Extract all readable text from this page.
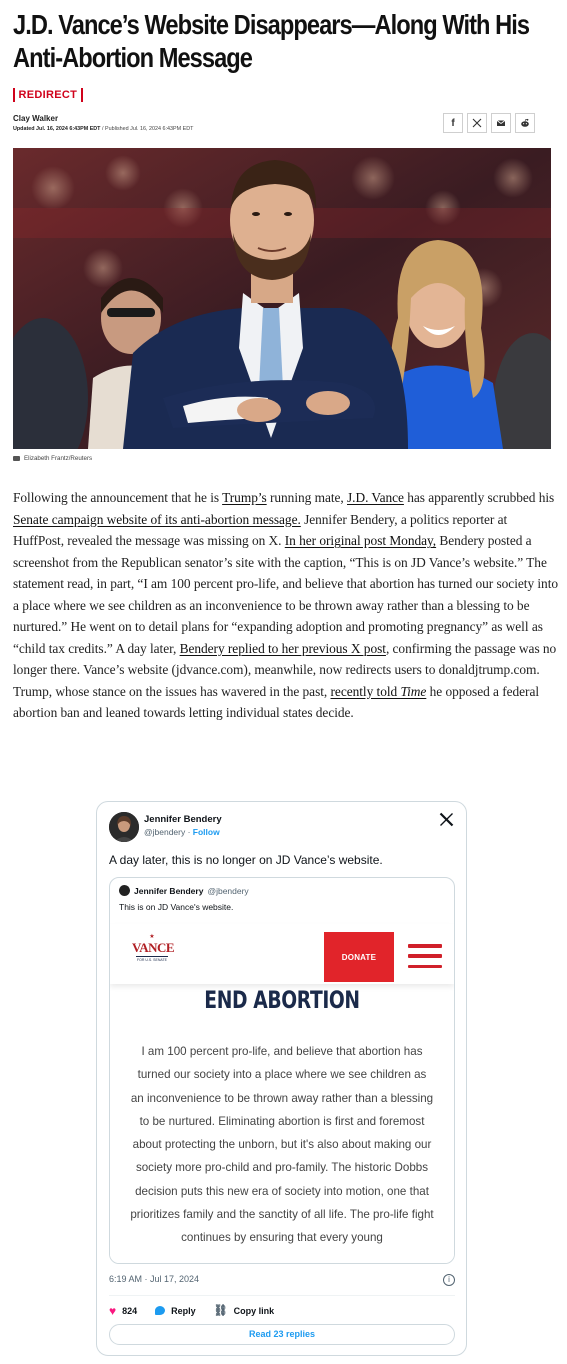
J.D. Vance’s Website Disappears—Along With His Anti-Abortion Message
REDIRECT
Clay Walker
Updated Jul. 16, 2024 6:43PM EDT / Published Jul. 16, 2024 6:43PM EDT
f
Elizabeth Frantz/Reuters

Following the announcement that he is Trump’s running mate, J.D. Vance has apparently scrubbed his Senate campaign website of its anti-abortion message. Jennifer Bendery, a politics reporter at HuffPost, revealed the message was missing on X. In her original post Monday, Bendery posted a screenshot from the Republican senator’s site with the caption, “This is on JD Vance’s website.” The statement read, in part, “I am 100 percent pro-life, and believe that abortion has turned our society into a place where we see children as an inconvenience to be thrown away rather than a blessing to be nurtured.” He went on to detail plans for “expanding adoption and promoting pregnancy” as well as “child tax credits.” A day later, Bendery replied to her previous X post, confirming the passage was no longer there. Vance’s website (jdvance.com), meanwhile, now redirects users to donaldjtrump.com. Trump, whose stance on the issues has wavered in the past, recently told Time he opposed a federal abortion ban and leaned towards letting individual states decide.

Jennifer Bendery
@jbendery · Follow
A day later, this is no longer on JD Vance’s website.
Jennifer Bendery @jbendery
This is on JD Vance's website.
★
VANCE
FOR U.S. SENATE	DONATE
END ABORTION

I am 100 percent pro-life, and believe that abortion has turned our society into a place where we see children as an inconvenience to be thrown away rather than a blessing to be nurtured. Eliminating abortion is first and foremost about protecting the unborn, but it's also about making our society more pro-child and pro-family. The historic Dobbs decision puts this new era of society into motion, one that prioritizes family and the sanctity of all life. The pro-life fight continues by ensuring that every young

6:19 AM · Jul 17, 2024	i
♥ 824	Reply ⛓ Copy link
Read 23 replies
